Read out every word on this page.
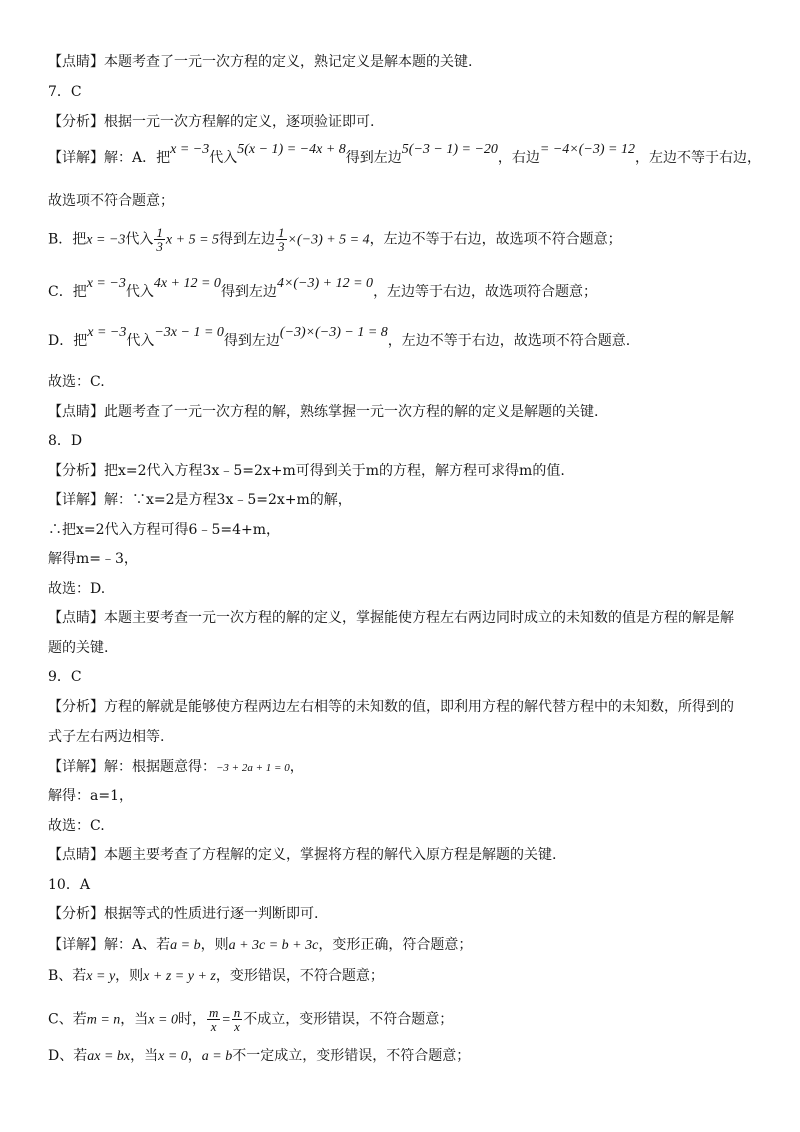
【点睛】本题考查了一元一次方程的定义，熟记定义是解本题的关键.
7．C
【分析】根据一元一次方程解的定义，逐项验证即可.
【详解】解：A．把x = −3代入5(x − 1) = −4x + 8得到左边5(−3 − 1) = −20，右边= −4×(−3) = 12，左边不等于右边，
故选项不符合题意；
B．把x = −3代入 $\frac{1}{3}$ x + 5 = 5得到左边 $\frac{1}{3} \times(-3) + 5 = 4$，左边不等于右边，故选项不符合题意；
C．把x = −3代入4x + 12 = 0得到左边4×(−3) + 12 = 0，左边等于右边，故选项符合题意；
D．把x = −3代入−3x − 1 = 0得到左边(−3)×(−3) − 1 = 8，左边不等于右边，故选项不符合题意.
故选：C.
【点睛】此题考查了一元一次方程的解，熟练掌握一元一次方程的解的定义是解题的关键.
8．D
【分析】把x=2代入方程3x﹣5=2x+m可得到关于m的方程，解方程可求得m的值.
【详解】解：∵x=2是方程3x﹣5=2x+m的解，
∴把x=2代入方程可得6﹣5=4+m，
解得m=﹣3，
故选：D.
【点睛】本题主要考查一元一次方程的解的定义，掌握能使方程左右两边同时成立的未知数的值是方程的解是解
题的关键.
9．C
【分析】方程的解就是能够使方程两边左右相等的未知数的值，即利用方程的解代替方程中的未知数，所得到的
式子左右两边相等.
【详解】解：根据题意得：−3 + 2a + 1 = 0，
解得：a=1，
故选：C.
【点睛】本题主要考查了方程解的定义，掌握将方程的解代入原方程是解题的关键.
10．A
【分析】根据等式的性质进行逐一判断即可.
【详解】解：A、若a = b，则a + 3c = b + 3c，变形正确，符合题意；
B、若x = y，则x + z = y + z，变形错误，不符合题意；
C、若m = n，当x = 0时， $\frac{m}{x} = \frac{n}{x}$ 不成立，变形错误，不符合题意；
D、若ax = bx，当x = 0，a = b不一定成立，变形错误，不符合题意；
